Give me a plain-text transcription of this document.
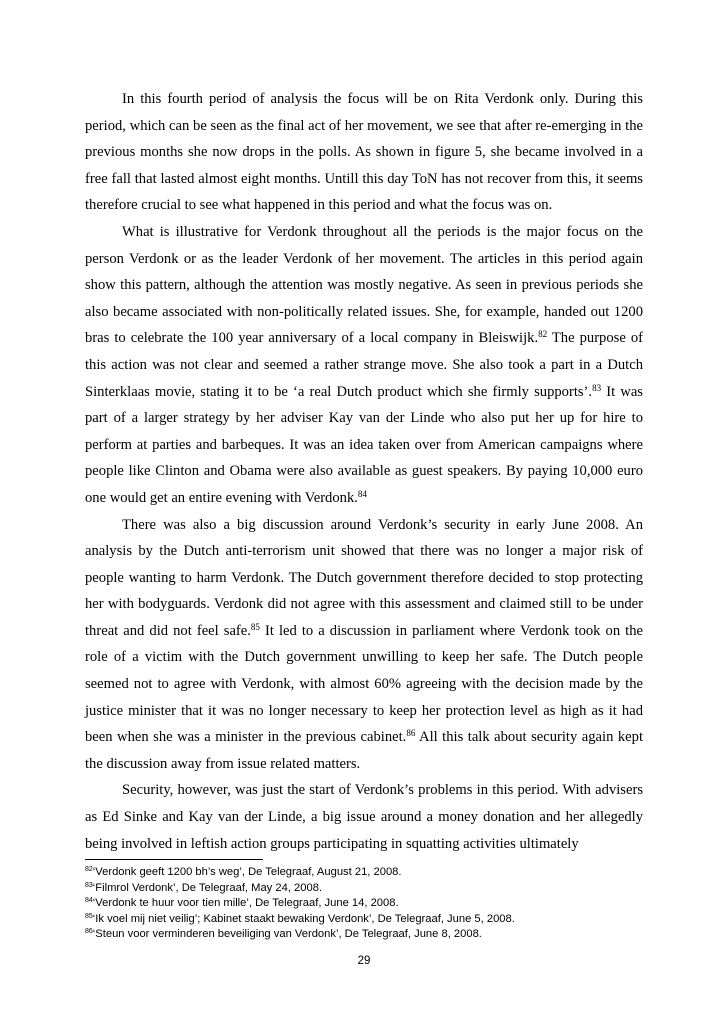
In this fourth period of analysis the focus will be on Rita Verdonk only. During this period, which can be seen as the final act of her movement, we see that after re-emerging in the previous months she now drops in the polls. As shown in figure 5, she became involved in a free fall that lasted almost eight months. Untill this day ToN has not recover from this, it seems therefore crucial to see what happened in this period and what the focus was on.

What is illustrative for Verdonk throughout all the periods is the major focus on the person Verdonk or as the leader Verdonk of her movement. The articles in this period again show this pattern, although the attention was mostly negative. As seen in previous periods she also became associated with non-politically related issues. She, for example, handed out 1200 bras to celebrate the 100 year anniversary of a local company in Bleiswijk.$^{82}$ The purpose of this action was not clear and seemed a rather strange move. She also took a part in a Dutch Sinterklaas movie, stating it to be ‘a real Dutch product which she firmly supports’.$^{83}$ It was part of a larger strategy by her adviser Kay van der Linde who also put her up for hire to perform at parties and barbeques. It was an idea taken over from American campaigns where people like Clinton and Obama were also available as guest speakers. By paying 10,000 euro one would get an entire evening with Verdonk.$^{84}$

There was also a big discussion around Verdonk’s security in early June 2008. An analysis by the Dutch anti-terrorism unit showed that there was no longer a major risk of people wanting to harm Verdonk. The Dutch government therefore decided to stop protecting her with bodyguards. Verdonk did not agree with this assessment and claimed still to be under threat and did not feel safe.$^{85}$ It led to a discussion in parliament where Verdonk took on the role of a victim with the Dutch government unwilling to keep her safe. The Dutch people seemed not to agree with Verdonk, with almost 60% agreeing with the decision made by the justice minister that it was no longer necessary to keep her protection level as high as it had been when she was a minister in the previous cabinet.$^{86}$ All this talk about security again kept the discussion away from issue related matters.

Security, however, was just the start of Verdonk’s problems in this period. With advisers as Ed Sinke and Kay van der Linde, a big issue around a money donation and her allegedly being involved in leftish action groups participating in squatting activities ultimately

$^{82}$‘Verdonk geeft 1200 bh’s weg’, De Telegraaf, August 21, 2008.
$^{83}$‘Filmrol Verdonk’, De Telegraaf, May 24, 2008.
$^{84}$‘Verdonk te huur voor tien mille’, De Telegraaf, June 14, 2008.
$^{85}$‘Ik voel mij niet veilig’; Kabinet staakt bewaking Verdonk’, De Telegraaf, June 5, 2008.
$^{86}$‘Steun voor verminderen beveiliging van Verdonk’, De Telegraaf, June 8, 2008.
29
